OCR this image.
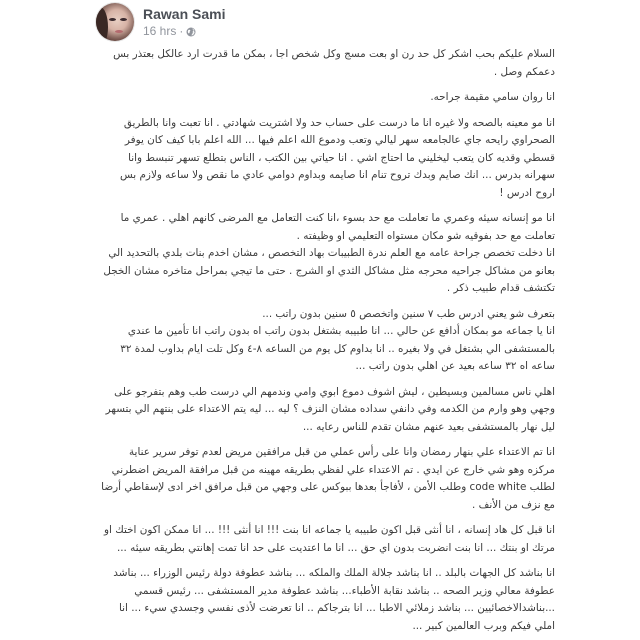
Rawan Sami
16 hrs ·

السلام عليكم بحب اشكر كل حد رن او بعت مسج وكل شخص اجا ، بمكن ما قدرت ارد عالكل بعتذر بس دعمكم وصل .

انا روان سامي مقيمة جراحه.

انا مو معينه بالصحه ولا غيره انا ما درست على حساب حد ولا اشتريت شهادتي . انا تعبت وانا بالطريق الصحراوي رايحه جاي عالجامعه سهر ليالي وتعب ودموع الله اعلم فيها ... الله اعلم بابا كيف كان يوفر قسطي وقديه كان يتعب ليخليني ما احتاج اشي . انا حياتي بين الكتب ، الناس بتطلع تسهر تنبسط وانا سهرانه بدرس ... انك صايم وبدك تروح تنام انا صايمه وبداوم دوامي عادي ما نقص ولا ساعه ولازم بس اروح ادرس !

انا مو إنسانه سيئه وعمري ما تعاملت مع حد بسوء ،انا كنت التعامل مع المرضى كانهم اهلي . عمري ما تعاملت مع حد بفوقيه شو مكان مستواه التعليمي او وظيفته .

انا دخلت تخصص جراحة عامه مع العلم ندرة الطبيبات بهاد التخصص ، مشان اخدم بنات بلدي بالتحديد الي بعانو من مشاكل جراحيه محرجه مثل مشاكل الثدي او الشرج . حتى ما تيجي بمراحل متاخره مشان الخجل تكتشف قدام طبيب ذكر .

بتعرف شو يعني ادرس طب ٧ سنين واتخصص ٥ سنين بدون راتب ...

انا يا جماعه مو بمكان أدافع عن حالي ... انا طبيبه بشتغل بدون راتب اه بدون راتب انا تأمين ما عندي بالمستشفى الي بشتغل في ولا بغيره .. انا بداوم كل يوم من الساعه ٨-٤ وكل تلت ايام بداوب لمدة ٣٢ ساعه اه ٣٢ ساعه بعيد عن اهلي بدون راتب ...

اهلي ناس مسالمين وبسيطين ، ليش اشوف دموع ابوي وامي وندمهم الي درست طب وهم بتفرجو على وجهي وهو وارم من الكدمه وفي دانفي سداده مشان النزف ؟ ليه ... ليه يتم الاعتداء على بنتهم الي بتسهر ليل نهار بالمستشفى بعيد عنهم مشان تقدم للناس رعايه ...

انا تم الاعتداء علي بنهار رمضان وانا على رأس عملي من قبل مرافقين مريض لعدم توفر سرير عناية مركزه وهو شي خارج عن ايدي . تم الاعتداء علي لفظي بطريقه مهينه من قبل مرافقة المريض اضطرني لطلب code white وطلب الأمن ، لأفاجأ بعدها ببوكس على وجهي من قبل مرافق اخر ادى لإسقاطي أرضا مع نزف من الأنف .

انا قبل كل هاد إنسانه ، انا أنثى قبل اكون طبيبه يا جماعه انا بنت !!! انا أنثى !!! ... انا ممكن اكون اختك او مرتك او بنتك ... انا بنت انضربت بدون اي حق ... انا ما اعتديت على حد انا تمت إهانتي بطريقه سيئه ...

انا بناشد كل الجهات بالبلد .. انا بناشد جلالة الملك والملكه ... بناشد عطوفة دولة رئيس الوزراء ... بناشد عطوفة معالي وزير الصحه .. بناشد نقابة الأطباء... بناشد عطوفة مدير المستشفى ... رئيس قسمي ...بناشدالاخصائيين ... بناشد زملائي الاطبا ... انا بترجاكم .. انا تعرضت لأذى نفسي وجسدي سيء ... انا املي فيكم وبرب العالمين كبير ...
